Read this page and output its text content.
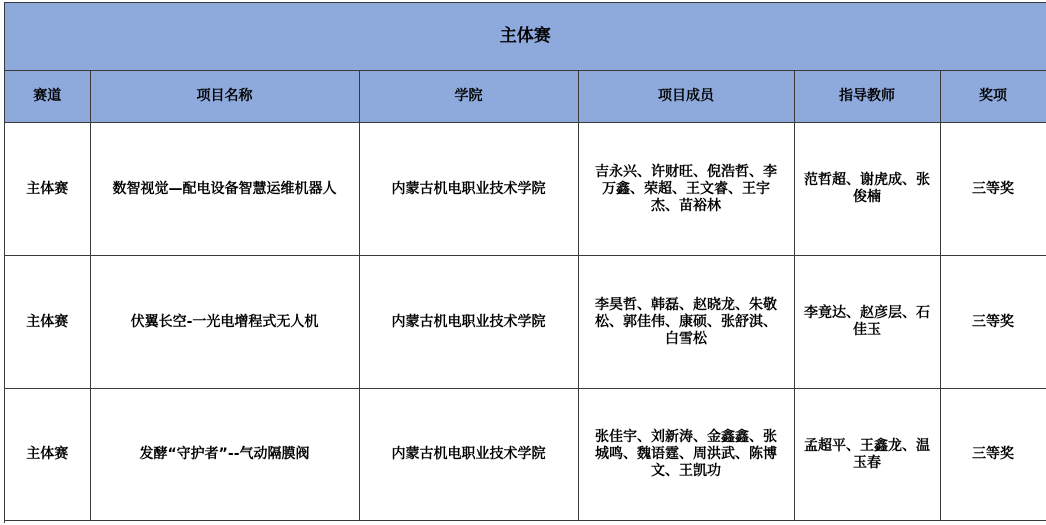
主体赛					
赛道	项目名称	学院	项目成员	指导教师	奖项
主体赛	数智视觉—配电设备智慧运维机器人	内蒙古机电职业技术学院	吉永兴、许财旺、倪浩哲、李万鑫、荣超、王文睿、王宇杰、苗裕林	范哲超、谢虎成、张俊楠	三等奖
主体赛	伏翼长空-一光电增程式无人机	内蒙古机电职业技术学院	李昊哲、韩磊、赵晓龙、朱敬松、郭佳伟、康硕、张舒淇、白雪松	李竟达、赵彦层、石佳玉	三等奖
主体赛	发酵“守护者”--气动隔膜阀	内蒙古机电职业技术学院	张佳宇、刘新涛、金鑫鑫、张城鸣、魏语霆、周洪武、陈博文、王凯功	孟超平、王鑫龙、温玉春	三等奖
